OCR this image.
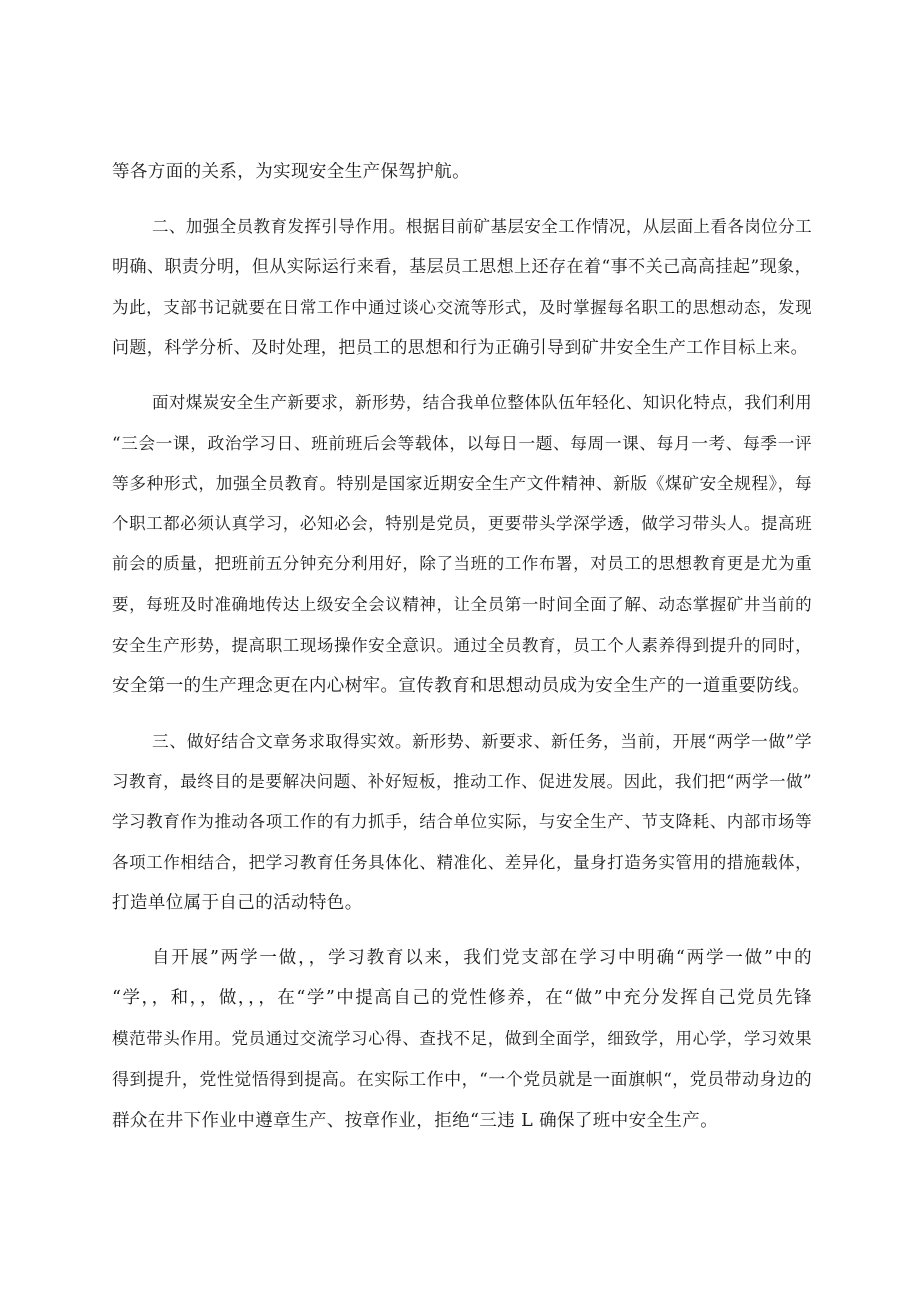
等各方面的关系，为实现安全生产保驾护航。
二、加强全员教育发挥引导作用。根据目前矿基层安全工作情况，从层面上看各岗位分工
明确、职责分明，但从实际运行来看，基层员工思想上还存在着“事不关己高高挂起”现象，
为此，支部书记就要在日常工作中通过谈心交流等形式，及时掌握每名职工的思想动态，发现
问题，科学分析、及时处理，把员工的思想和行为正确引导到矿井安全生产工作目标上来。
面对煤炭安全生产新要求，新形势，结合我单位整体队伍年轻化、知识化特点，我们利用
“三会一课，政治学习日、班前班后会等载体，以每日一题、每周一课、每月一考、每季一评
等多种形式，加强全员教育。特别是国家近期安全生产文件精神、新版《煤矿安全规程》，每
个职工都必须认真学习，必知必会，特别是党员，更要带头学深学透，做学习带头人。提高班
前会的质量，把班前五分钟充分利用好，除了当班的工作布署，对员工的思想教育更是尤为重
要，每班及时准确地传达上级安全会议精神，让全员第一时间全面了解、动态掌握矿井当前的
安全生产形势，提高职工现场操作安全意识。通过全员教育，员工个人素养得到提升的同时，
安全第一的生产理念更在内心树牢。宣传教育和思想动员成为安全生产的一道重要防线。
三、做好结合文章务求取得实效。新形势、新要求、新任务，当前，开展“两学一做”学
习教育，最终目的是要解决问题、补好短板，推动工作、促进发展。因此，我们把“两学一做”
学习教育作为推动各项工作的有力抓手，结合单位实际，与安全生产、节支降耗、内部市场等
各项工作相结合，把学习教育任务具体化、精准化、差异化，量身打造务实管用的措施载体，
打造单位属于自己的活动特色。
自开展”两学一做，，学习教育以来，我们党支部在学习中明确“两学一做”中的
“学，，和，，做，，，在“学”中提高自己的党性修养，在“做”中充分发挥自己党员先锋
模范带头作用。党员通过交流学习心得、查找不足，做到全面学，细致学，用心学，学习效果
得到提升，党性觉悟得到提高。在实际工作中，“一个党员就是一面旗帜“，党员带动身边的
群众在井下作业中遵章生产、按章作业，拒绝“三违 L 确保了班中安全生产。
